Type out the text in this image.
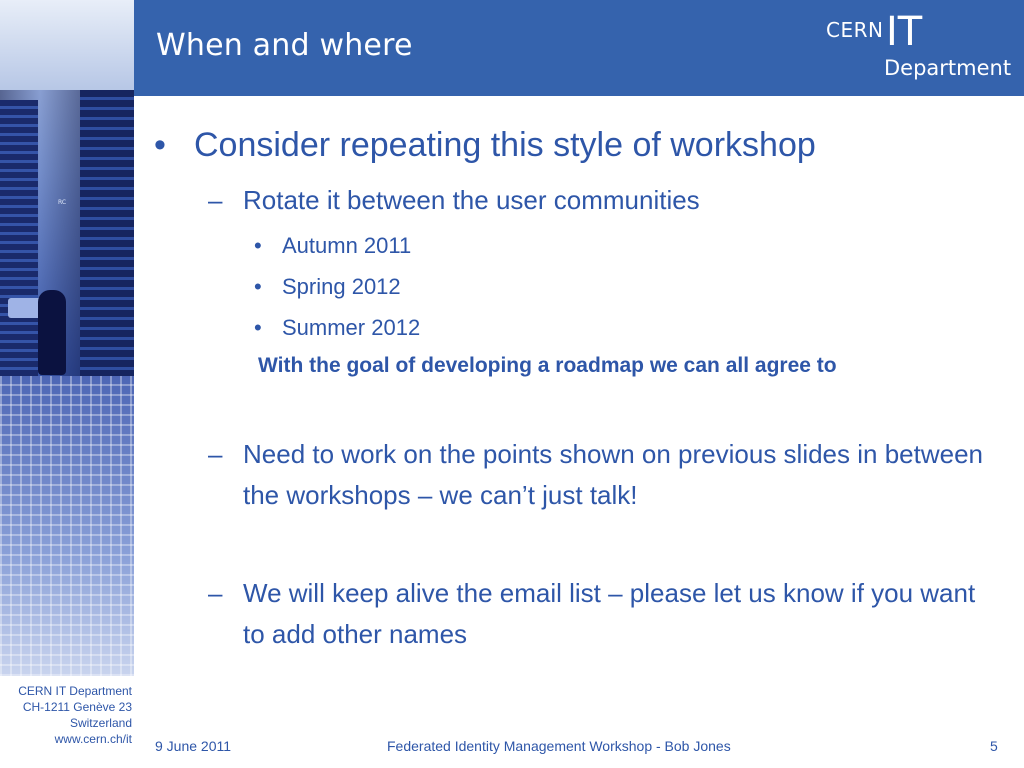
RC
When and where	CERN IT
Department
• Consider repeating this style of workshop
– Rotate it between the user communities
• Autumn 2011
• Spring 2012
• Summer 2012
With the goal of developing a roadmap we can all agree to
– Need to work on the points shown on previous slides in between the workshops – we can’t just talk!
– We will keep alive the email list – please let us know if you want to add other names
CERN IT Department
CH-1211 Genève 23
Switzerland
www.cern.ch/it 9 June 2011	Federated Identity Management Workshop - Bob Jones	5
